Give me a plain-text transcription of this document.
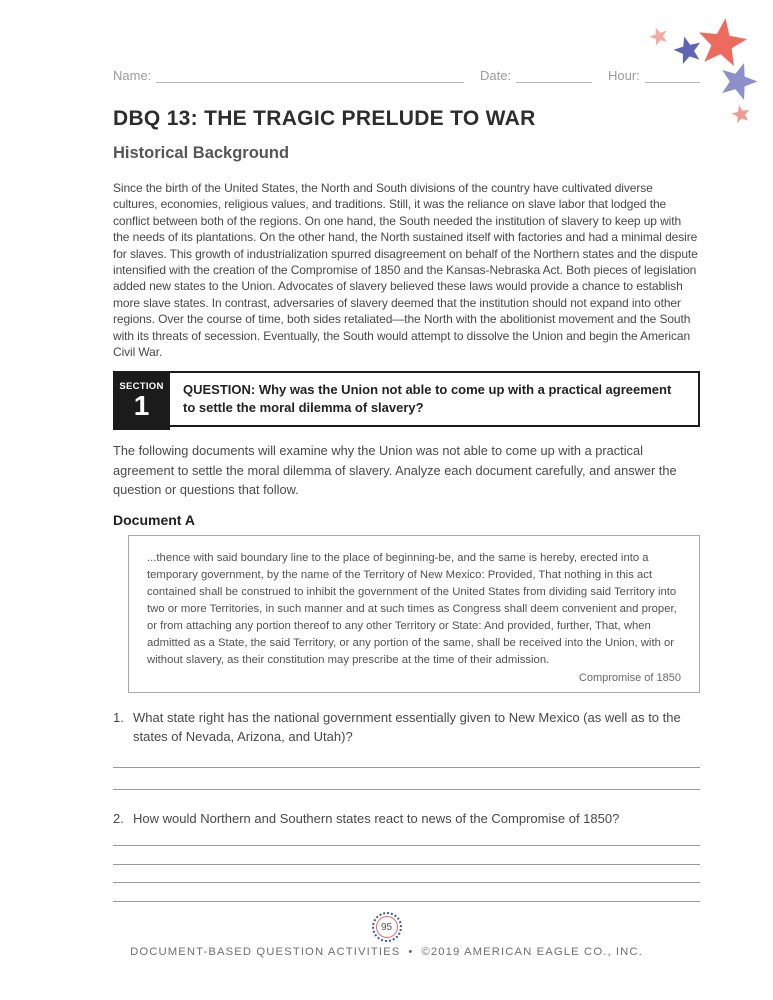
Name:	Date:	Hour:
DBQ 13: THE TRAGIC PRELUDE TO WAR
Historical Background

Since the birth of the United States, the North and South divisions of the country have cultivated diverse cultures, economies, religious values, and traditions. Still, it was the reliance on slave labor that lodged the conflict between both of the regions. On one hand, the South needed the institution of slavery to keep up with the needs of its plantations. On the other hand, the North sustained itself with factories and had a minimal desire for slaves. This growth of industrialization spurred disagreement on behalf of the Northern states and the dispute intensified with the creation of the Compromise of 1850 and the Kansas-Nebraska Act. Both pieces of legislation added new states to the Union. Advocates of slavery believed these laws would provide a chance to establish more slave states. In contrast, adversaries of slavery deemed that the institution should not expand into other regions. Over the course of time, both sides retaliated—the North with the abolitionist movement and the South with its threats of secession. Eventually, the South would attempt to dissolve the Union and begin the American Civil War.

SECTION
1
QUESTION: Why was the Union not able to come up with a practical agreement to settle the moral dilemma of slavery?

The following documents will examine why the Union was not able to come up with a practical agreement to settle the moral dilemma of slavery. Analyze each document carefully, and answer the question or questions that follow.

Document A

...thence with said boundary line to the place of beginning-be, and the same is hereby, erected into a temporary government, by the name of the Territory of New Mexico: Provided, That nothing in this act contained shall be construed to inhibit the government of the United States from dividing said Territory into two or more Territories, in such manner and at such times as Congress shall deem convenient and proper, or from attaching any portion thereof to any other Territory or State: And provided, further, That, when admitted as a State, the said Territory, or any portion of the same, shall be received into the Union, with or without slavery, as their constitution may prescribe at the time of their admission.

Compromise of 1850
1. What state right has the national government essentially given to New Mexico (as well as to the states of Nevada, Arizona, and Utah)?
2. How would Northern and Southern states react to news of the Compromise of 1850?
95
DOCUMENT-BASED QUESTION ACTIVITIES • ©2019 AMERICAN EAGLE CO., INC.
